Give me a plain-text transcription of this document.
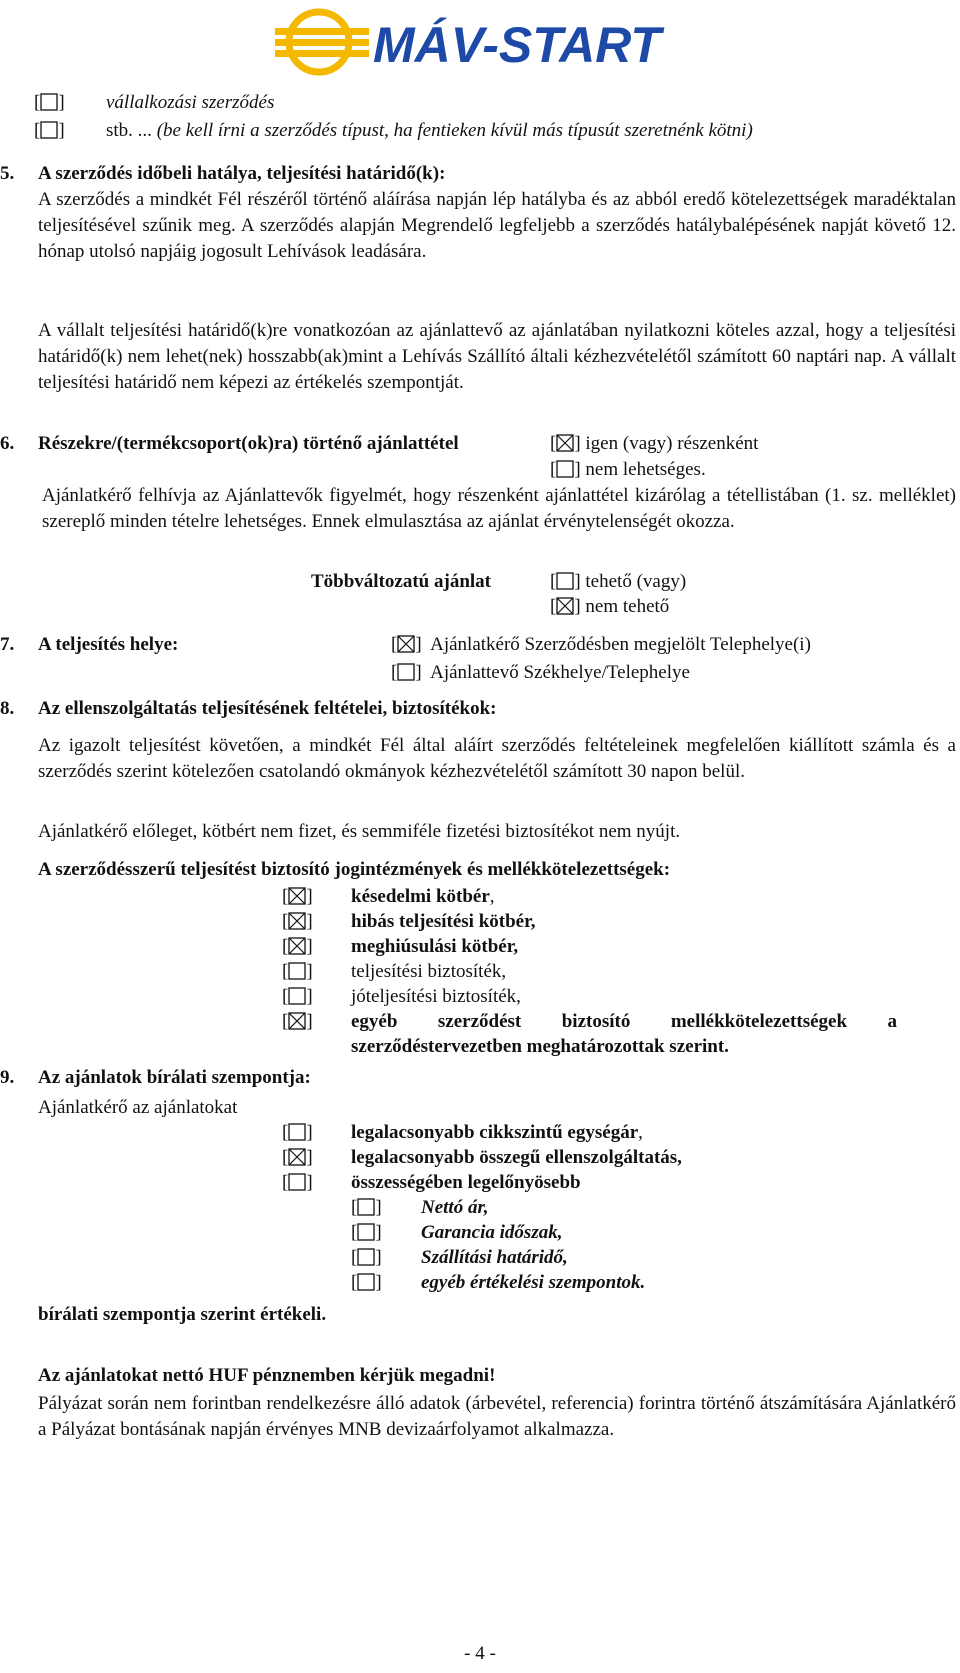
MÁV-START
[ ] vállalkozási szerződés
[ ] stb. ... (be kell írni a szerződés típust, ha fentieken kívül más típusút szeretnénk kötni)
5. A szerződés időbeli hatálya, teljesítési határidő(k):
A szerződés a mindkét Fél részéről történő aláírása napján lép hatályba és az abból eredő kötelezettségek maradéktalan teljesítésével szűnik meg. A szerződés alapján Megrendelő legfeljebb a szerződés hatálybalépésének napját követő 12. hónap utolsó napjáig jogosult Lehívások leadására.
A vállalt teljesítési határidő(k)re vonatkozóan az ajánlattevő az ajánlatában nyilatkozni köteles azzal, hogy a teljesítési határidő(k) nem lehet(nek) hosszabb(ak)mint a Lehívás Szállító általi kézhezvételétől számított 60 naptári nap. A vállalt teljesítési határidő nem képezi az értékelés szempontját.
6. Részekre/(termékcsoport(ok)ra) történő ajánlattétel	[ ] igen (vagy) részenként
[ ] nem lehetséges.
Ajánlatkérő felhívja az Ajánlattevők figyelmét, hogy részenként ajánlattétel kizárólag a tétellistában (1. sz. melléklet) szereplő minden tételre lehetséges. Ennek elmulasztása az ajánlat érvénytelenségét okozza.
Többváltozatú ajánlat	[ ] tehető (vagy)
[ ] nem tehető
7. A teljesítés helye:	[ ]  Ajánlatkérő Szerződésben megjelölt Telephelye(i)
[ ]  Ajánlattevő Székhelye/Telephelye
8. Az ellenszolgáltatás teljesítésének feltételei, biztosítékok:
Az igazolt teljesítést követően, a mindkét Fél által aláírt szerződés feltételeinek megfelelően kiállított számla és a szerződés szerint kötelezően csatolandó okmányok kézhezvételétől számított 30 napon belül.
Ajánlatkérő előleget, kötbért nem fizet, és semmiféle fizetési biztosítékot nem nyújt.
A szerződésszerű teljesítést biztosító jogintézmények és mellékkötelezettségek:
[ ] késedelmi kötbér,
[ ] hibás teljesítési kötbér,
[ ] meghiúsulási kötbér,
[ ] teljesítési biztosíték,
[ ] jóteljesítési biztosíték,
[ ] egyéb szerződést biztosító mellékkötelezettségek a
szerződéstervezetben meghatározottak szerint.
9. Az ajánlatok bírálati szempontja:
Ajánlatkérő az ajánlatokat
[ ] legalacsonyabb cikkszintű egységár,
[ ] legalacsonyabb összegű ellenszolgáltatás,
[ ] összességében legelőnyösebb
[ ] Nettó ár,
[ ] Garancia időszak,
[ ] Szállítási határidő,
[ ] egyéb értékelési szempontok.
bírálati szempontja szerint értékeli.
Az ajánlatokat nettó HUF pénznemben kérjük megadni!
Pályázat során nem forintban rendelkezésre álló adatok (árbevétel, referencia) forintra történő átszámítására Ajánlatkérő a Pályázat bontásának napján érvényes MNB devizaárfolyamot alkalmazza.
- 4 -
